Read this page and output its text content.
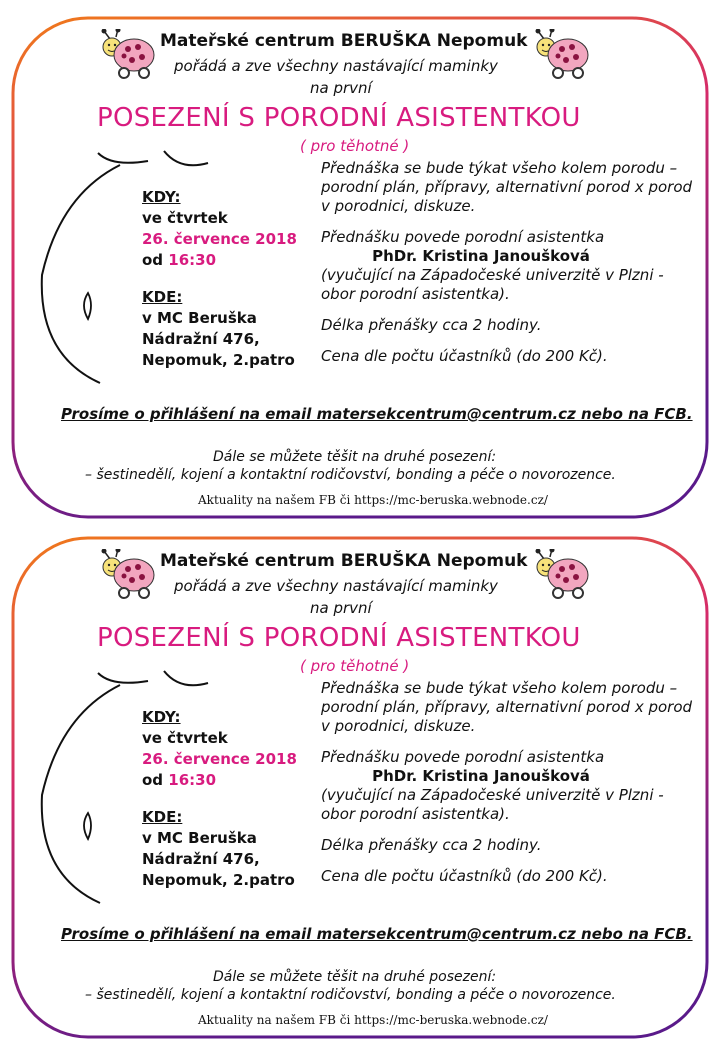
Mateřské centrum BERUŠKA Nepomuk
pořádá a zve všechny nastávající maminky
na první
POSEZENÍ S PORODNÍ ASISTENTKOU
( pro těhotné )
KDY:
ve čtvrtek
26. července 2018
od 16:30
KDE:
v MC Beruška
Nádražní 476,
Nepomuk, 2.patro

Přednáška se bude týkat všeho kolem porodu – porodní plán, přípravy, alternativní porod x porod v porodnici, diskuze.

Přednášku povede porodní asistentka

PhDr. Kristina Janoušková
(vyučující na Západočeské univerzitě v Plzni - obor porodní asistentka).

Délka přenášky cca 2 hodiny.

Cena dle počtu účastníků (do 200 Kč).

Prosíme o přihlášení na email matersekcentrum@centrum.cz nebo na FCB.
Dále se můžete těšit na druhé posezení:
– šestinedělí, kojení a kontaktní rodičovství, bonding a péče o novorozence.
Aktuality na našem FB či https://mc-beruska.webnode.cz/
Mateřské centrum BERUŠKA Nepomuk
pořádá a zve všechny nastávající maminky
na první
POSEZENÍ S PORODNÍ ASISTENTKOU
( pro těhotné )
KDY:
ve čtvrtek
26. července 2018
od 16:30
KDE:
v MC Beruška
Nádražní 476,
Nepomuk, 2.patro

Přednáška se bude týkat všeho kolem porodu – porodní plán, přípravy, alternativní porod x porod v porodnici, diskuze.

Přednášku povede porodní asistentka

PhDr. Kristina Janoušková
(vyučující na Západočeské univerzitě v Plzni - obor porodní asistentka).

Délka přenášky cca 2 hodiny.

Cena dle počtu účastníků (do 200 Kč).

Prosíme o přihlášení na email matersekcentrum@centrum.cz nebo na FCB.
Dále se můžete těšit na druhé posezení:
– šestinedělí, kojení a kontaktní rodičovství, bonding a péče o novorozence.
Aktuality na našem FB či https://mc-beruska.webnode.cz/
